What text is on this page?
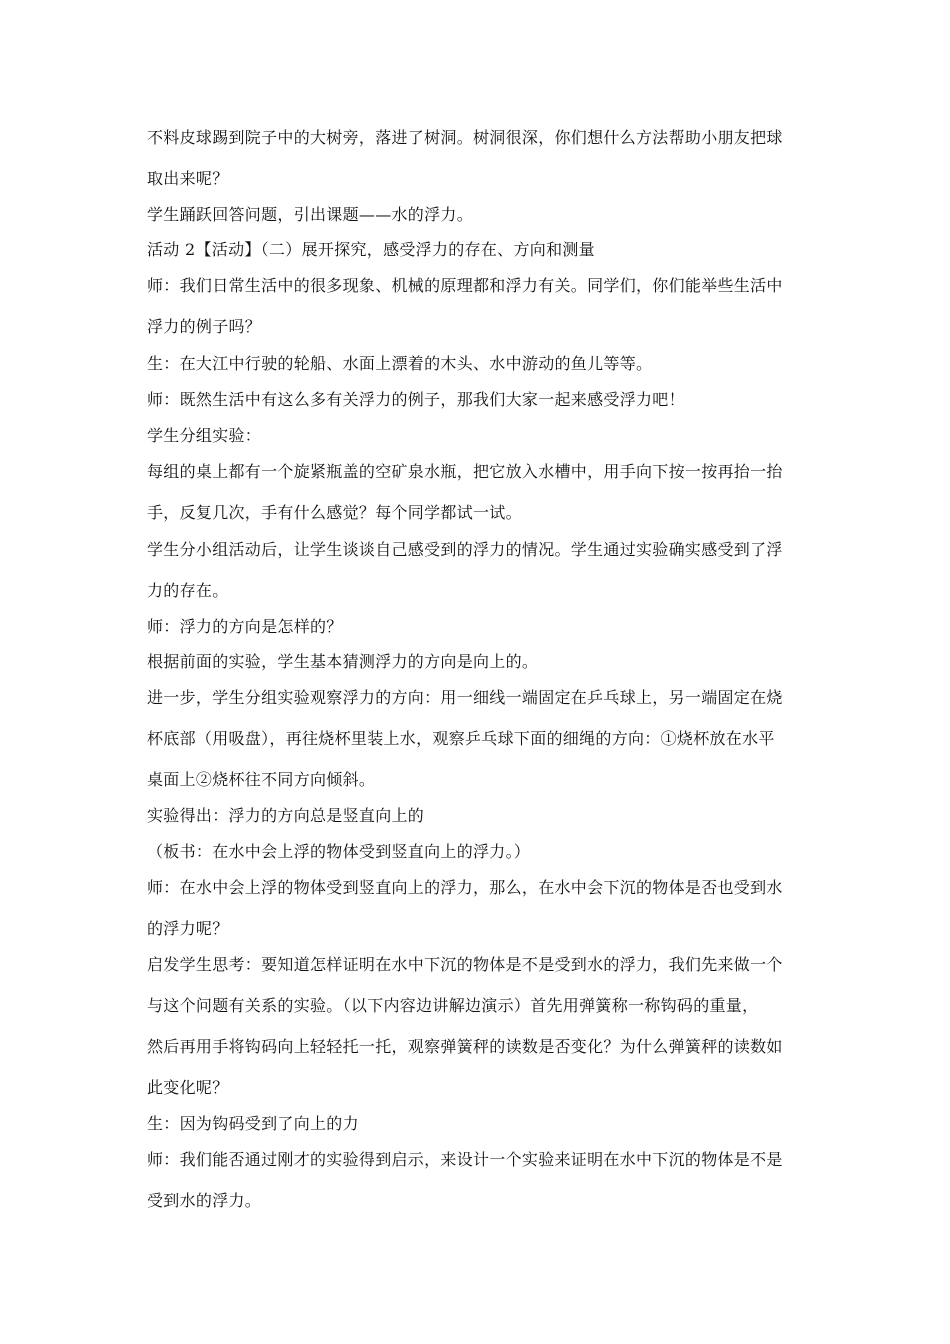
不料皮球踢到院子中的大树旁，落进了树洞。树洞很深，你们想什么方法帮助小朋友把球
取出来呢？
学生踊跃回答问题，引出课题——水的浮力。
活动 2【活动】（二）展开探究，感受浮力的存在、方向和测量
师：我们日常生活中的很多现象、机械的原理都和浮力有关。同学们，你们能举些生活中
浮力的例子吗？
生：在大江中行驶的轮船、水面上漂着的木头、水中游动的鱼儿等等。
师：既然生活中有这么多有关浮力的例子，那我们大家一起来感受浮力吧！
学生分组实验：
每组的桌上都有一个旋紧瓶盖的空矿泉水瓶，把它放入水槽中，用手向下按一按再抬一抬
手，反复几次，手有什么感觉？每个同学都试一试。
学生分小组活动后，让学生谈谈自己感受到的浮力的情况。学生通过实验确实感受到了浮
力的存在。
师：浮力的方向是怎样的？
根据前面的实验，学生基本猜测浮力的方向是向上的。
进一步，学生分组实验观察浮力的方向：用一细线一端固定在乒乓球上，另一端固定在烧
杯底部（用吸盘），再往烧杯里装上水，观察乒乓球下面的细绳的方向：①烧杯放在水平
桌面上②烧杯往不同方向倾斜。
实验得出：浮力的方向总是竖直向上的
（板书：在水中会上浮的物体受到竖直向上的浮力。）
师：在水中会上浮的物体受到竖直向上的浮力，那么，在水中会下沉的物体是否也受到水
的浮力呢？
启发学生思考：要知道怎样证明在水中下沉的物体是不是受到水的浮力，我们先来做一个
与这个问题有关系的实验。（以下内容边讲解边演示）首先用弹簧称一称钩码的重量，
然后再用手将钩码向上轻轻托一托，观察弹簧秤的读数是否变化？为什么弹簧秤的读数如
此变化呢？
生：因为钩码受到了向上的力
师：我们能否通过刚才的实验得到启示，来设计一个实验来证明在水中下沉的物体是不是
受到水的浮力。
